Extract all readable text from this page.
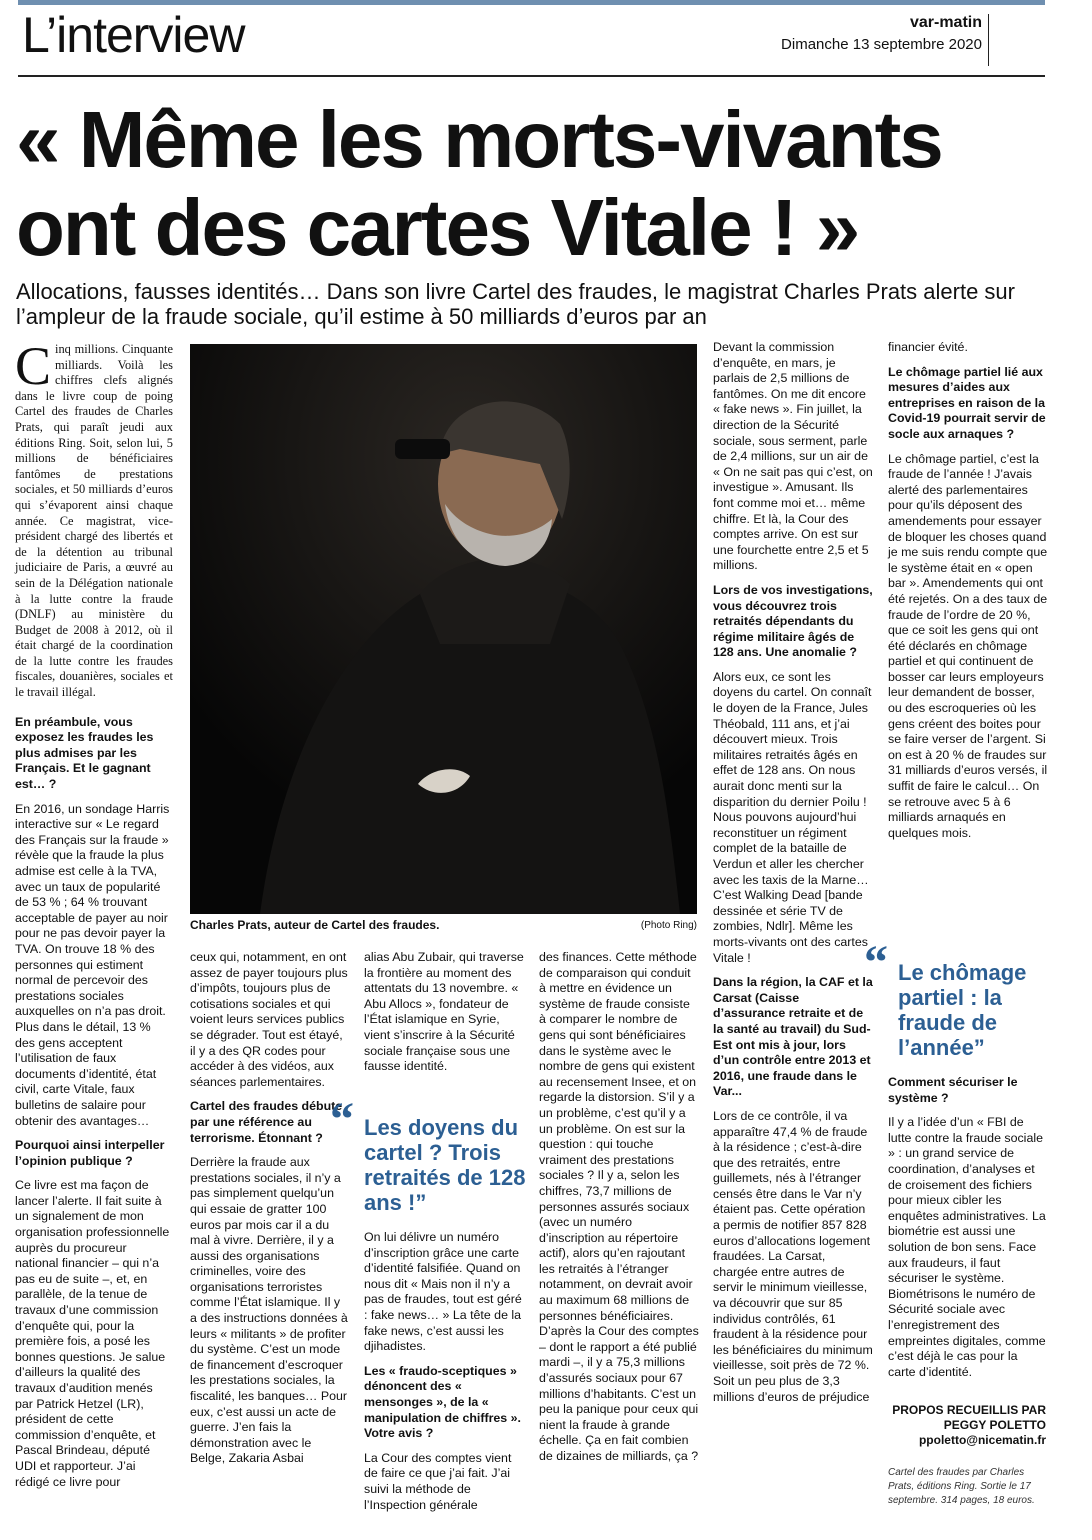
L’interview	var-matin
Dimanche 13 septembre 2020
« Même les morts-vivants ont des cartes Vitale ! »
Allocations, fausses identités… Dans son livre Cartel des fraudes, le magistrat Charles Prats alerte sur l’ampleur de la fraude sociale, qu’il estime à 50 milliards d’euros par an
Cinq millions. Cinquante milliards. Voilà les chiffres clefs alignés dans le livre coup de poing Cartel des fraudes de Charles Prats, qui paraît jeudi aux éditions Ring. Soit, selon lui, 5 millions de bénéficiaires fantômes de prestations sociales, et 50 milliards d’euros qui s’évaporent ainsi chaque année. Ce magistrat, vice-président chargé des libertés et de la détention au tribunal judiciaire de Paris, a œuvré au sein de la Délégation nationale à la lutte contre la fraude (DNLF) au ministère du Budget de 2008 à 2012, où il était chargé de la coordination de la lutte contre les fraudes fiscales, douanières, sociales et le travail illégal.

En préambule, vous exposez les fraudes les plus admises par les Français. Et le gagnant est… ?

En 2016, un sondage Harris interactive sur « Le regard des Français sur la fraude » révèle que la fraude la plus admise est celle à la TVA, avec un taux de popularité de 53 % ; 64 % trouvant acceptable de payer au noir pour ne pas devoir payer la TVA. On trouve 18 % des personnes qui estiment normal de percevoir des prestations sociales auxquelles on n’a pas droit. Plus dans le détail, 13 % des gens acceptent l’utilisation de faux documents d’identité, état civil, carte Vitale, faux bulletins de salaire pour obtenir des avantages…

Pourquoi ainsi interpeller l’opinion publique ?

Ce livre est ma façon de lancer l’alerte. Il fait suite à un signalement de mon organisation professionnelle auprès du procureur national financier – qui n’a pas eu de suite –, et, en parallèle, de la tenue de travaux d’une commission d’enquête qui, pour la première fois, a posé les bonnes questions. Je salue d’ailleurs la qualité des travaux d’audition menés par Patrick Hetzel (LR), président de cette commission d’enquête, et Pascal Brindeau, député UDI et rapporteur. J’ai rédigé ce livre pour

Charles Prats, auteur de Cartel des fraudes.	(Photo Ring)

ceux qui, notamment, en ont assez de payer toujours plus d’impôts, toujours plus de cotisations sociales et qui voient leurs services publics se dégrader. Tout est étayé, il y a des QR codes pour accéder à des vidéos, aux séances parlementaires.

Cartel des fraudes débute par une référence au terrorisme. Étonnant ?

Derrière la fraude aux prestations sociales, il n’y a pas simplement quelqu’un qui essaie de gratter 100 euros par mois car il a du mal à vivre. Derrière, il y a aussi des organisations criminelles, voire des organisations terroristes comme l’État islamique. Il y a des instructions données à leurs « militants » de profiter du système. C’est un mode de financement d’escroquer les prestations sociales, la fiscalité, les banques… Pour eux, c’est aussi un acte de guerre. J’en fais la démonstration avec le Belge, Zakaria Asbai

alias Abu Zubair, qui traverse la frontière au moment des attentats du 13 novembre. « Abu Allocs », fondateur de l’État islamique en Syrie, vient s’inscrire à la Sécurité sociale française sous une fausse identité.

“ Les doyens du cartel ? Trois retraités de 128 ans !”

On lui délivre un numéro d’inscription grâce une carte d’identité falsifiée. Quand on nous dit « Mais non il n’y a pas de fraudes, tout est géré : fake news… » La tête de la fake news, c’est aussi les djihadistes.

Les « fraudo-sceptiques » dénoncent des « mensonges », de la « manipulation de chiffres ». Votre avis ?

La Cour des comptes vient de faire ce que j’ai fait. J’ai suivi la méthode de l’Inspection générale

des finances. Cette méthode de comparaison qui conduit à mettre en évidence un système de fraude consiste à comparer le nombre de gens qui sont bénéficiaires dans le système avec le nombre de gens qui existent au recensement Insee, et on regarde la distorsion. S’il y a un problème, c’est qu’il y a un problème. On est sur la question : qui touche vraiment des prestations sociales ? Il y a, selon les chiffres, 73,7 millions de personnes assurés sociaux (avec un numéro d’inscription au répertoire actif), alors qu’en rajoutant les retraités à l’étranger notamment, on devrait avoir au maximum 68 millions de personnes bénéficiaires. D’après la Cour des comptes – dont le rapport a été publié mardi –, il y a 75,3 millions d’assurés sociaux pour 67 millions d’habitants. C’est un peu la panique pour ceux qui nient la fraude à grande échelle. Ça en fait combien de dizaines de milliards, ça ?

Devant la commission d’enquête, en mars, je parlais de 2,5 millions de fantômes. On me dit encore « fake news ». Fin juillet, la direction de la Sécurité sociale, sous serment, parle de 2,4 millions, sur un air de « On ne sait pas qui c’est, on investigue ». Amusant. Ils font comme moi et… même chiffre. Et là, la Cour des comptes arrive. On est sur une fourchette entre 2,5 et 5 millions.

Lors de vos investigations, vous découvrez trois retraités dépendants du régime militaire âgés de 128 ans. Une anomalie ?

Alors eux, ce sont les doyens du cartel. On connaît le doyen de la France, Jules Théobald, 111 ans, et j’ai découvert mieux. Trois militaires retraités âgés en effet de 128 ans. On nous aurait donc menti sur la disparition du dernier Poilu ! Nous pouvons aujourd’hui reconstituer un régiment complet de la bataille de Verdun et aller les chercher avec les taxis de la Marne… C’est Walking Dead [bande dessinée et série TV de zombies, Ndlr]. Même les morts-vivants ont des cartes Vitale !

Dans la région, la CAF et la Carsat (Caisse d’assurance retraite et de la santé au travail) du Sud-Est ont mis à jour, lors d’un contrôle entre 2013 et 2016, une fraude dans le Var...

Lors de ce contrôle, il va apparaître 47,4 % de fraude à la résidence ; c’est-à-dire que des retraités, entre guillemets, nés à l’étranger censés être dans le Var n’y étaient pas. Cette opération a permis de notifier 857 828 euros d’allocations logement fraudées. La Carsat, chargée entre autres de servir le minimum vieillesse, va découvrir que sur 85 individus contrôlés, 61 fraudent à la résidence pour les bénéficiaires du minimum vieillesse, soit près de 72 %. Soit un peu plus de 3,3 millions d’euros de préjudice

financier évité.

Le chômage partiel lié aux mesures d’aides aux entreprises en raison de la Covid-19 pourrait servir de socle aux arnaques ?

Le chômage partiel, c’est la fraude de l’année ! J’avais alerté des parlementaires pour qu’ils déposent des amendements pour essayer de bloquer les choses quand je me suis rendu compte que le système était en « open bar ». Amendements qui ont été rejetés. On a des taux de fraude de l’ordre de 20 %, que ce soit les gens qui ont été déclarés en chômage partiel et qui continuent de bosser car leurs employeurs leur demandent de bosser, ou des escroqueries où les gens créent des boites pour se faire verser de l’argent. Si on est à 20 % de fraudes sur 31 milliards d’euros versés, il suffit de faire le calcul… On se retrouve avec 5 à 6 milliards arnaqués en quelques mois.

“ Le chômage partiel : la fraude de l’année”

Comment sécuriser le système ?

Il y a l’idée d’un « FBI de lutte contre la fraude sociale » : un grand service de coordination, d’analyses et de croisement des fichiers pour mieux cibler les enquêtes administratives. La biométrie est aussi une solution de bon sens. Face aux fraudeurs, il faut sécuriser le système. Biométrisons le numéro de Sécurité sociale avec l’enregistrement des empreintes digitales, comme c’est déjà le cas pour la carte d’identité.

PROPOS RECUEILLIS PAR
PEGGY POLETTO
ppoletto@nicematin.fr
Cartel des fraudes par Charles Prats, éditions Ring. Sortie le 17 septembre. 314 pages, 18 euros.
